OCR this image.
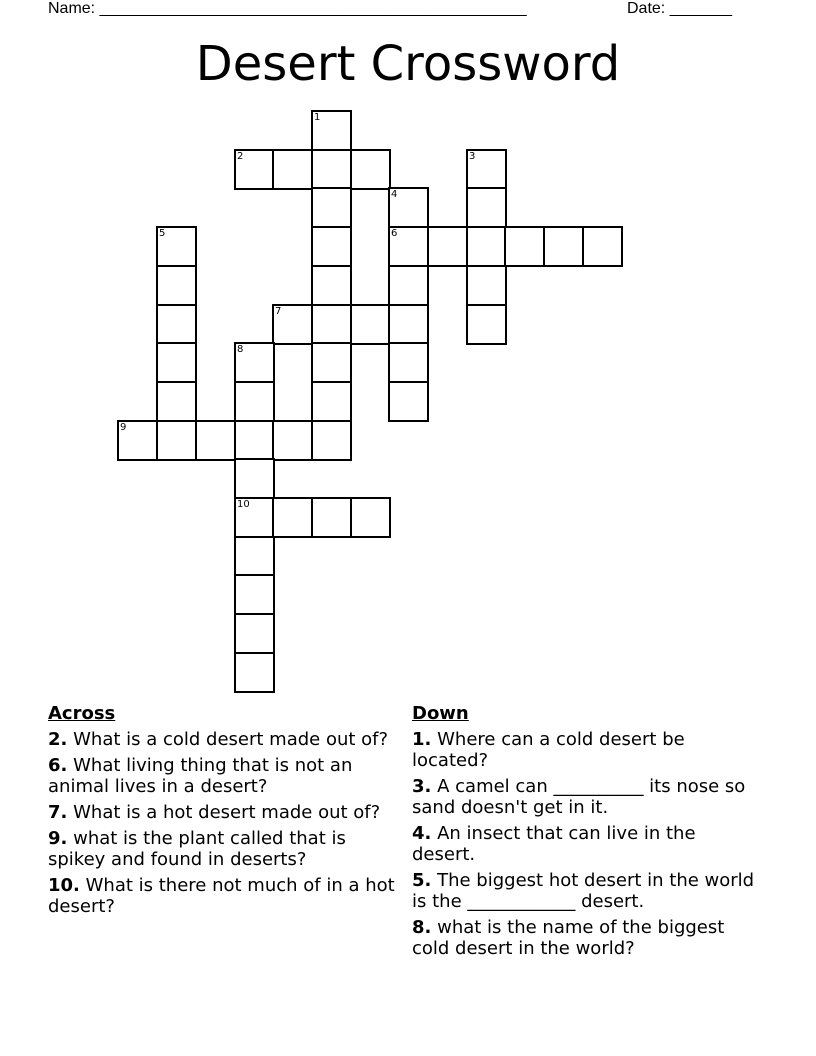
Name: ________________________________________________	Date: _______
Desert Crossword
1
2	3
4
5	6
7
8
9
10
Across
2. What is a cold desert made out of?
6. What living thing that is not an animal lives in a desert?
7. What is a hot desert made out of?
9. what is the plant called that is spikey and found in deserts?
10. What is there not much of in a hot desert?
Down
1. Where can a cold desert be located?
3. A camel can __________ its nose so sand doesn't get in it.
4. An insect that can live in the desert.
5. The biggest hot desert in the world is the ____________ desert.
8. what is the name of the biggest cold desert in the world?
